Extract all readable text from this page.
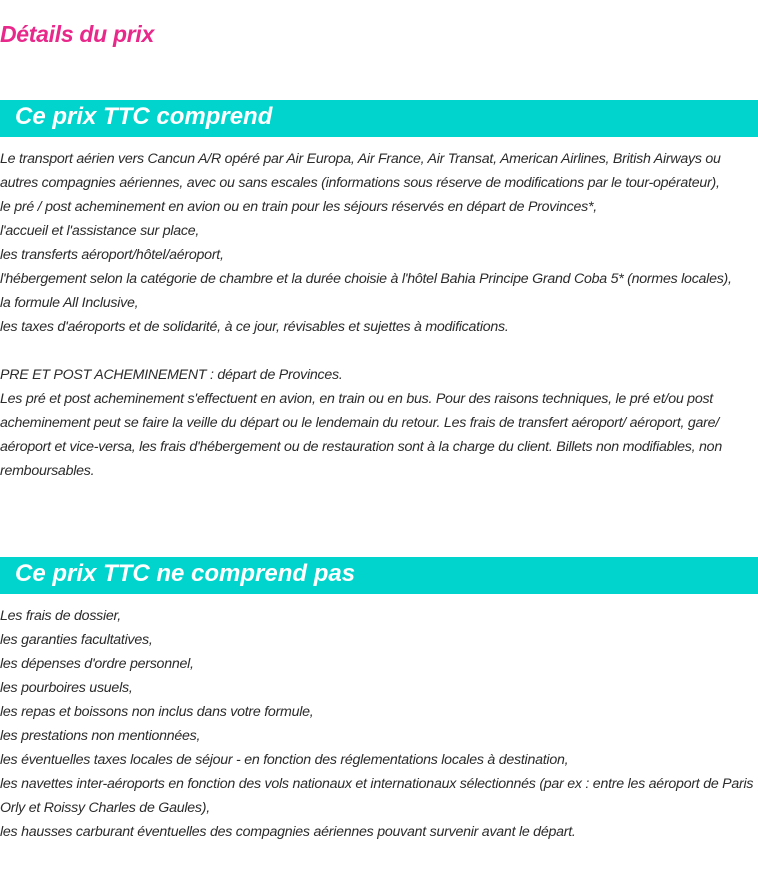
Détails du prix
Ce prix TTC comprend

Le transport aérien vers Cancun A/R opéré par Air Europa, Air France, Air Transat, American Airlines, British Airways ou autres compagnies aériennes, avec ou sans escales (informations sous réserve de modifications par le tour-opérateur),

le pré / post acheminement en avion ou en train pour les séjours réservés en départ de Provinces*,

l'accueil et l'assistance sur place,

les transferts aéroport/hôtel/aéroport,

l'hébergement selon la catégorie de chambre et la durée choisie à l'hôtel Bahia Principe Grand Coba 5* (normes locales),

la formule All Inclusive,

les taxes d'aéroports et de solidarité, à ce jour, révisables et sujettes à modifications.

PRE ET POST ACHEMINEMENT : départ de Provinces.

Les pré et post acheminement s'effectuent en avion, en train ou en bus. Pour des raisons techniques, le pré et/ou post acheminement peut se faire la veille du départ ou le lendemain du retour. Les frais de transfert aéroport/ aéroport, gare/ aéroport et vice-versa, les frais d'hébergement ou de restauration sont à la charge du client. Billets non modifiables, non remboursables.

Ce prix TTC ne comprend pas

Les frais de dossier,

les garanties facultatives,

les dépenses d'ordre personnel,

les pourboires usuels,

les repas et boissons non inclus dans votre formule,

les prestations non mentionnées,

les éventuelles taxes locales de séjour - en fonction des réglementations locales à destination,

les navettes inter-aéroports en fonction des vols nationaux et internationaux sélectionnés (par ex : entre les aéroport de Paris Orly et Roissy Charles de Gaules),

les hausses carburant éventuelles des compagnies aériennes pouvant survenir avant le départ.
